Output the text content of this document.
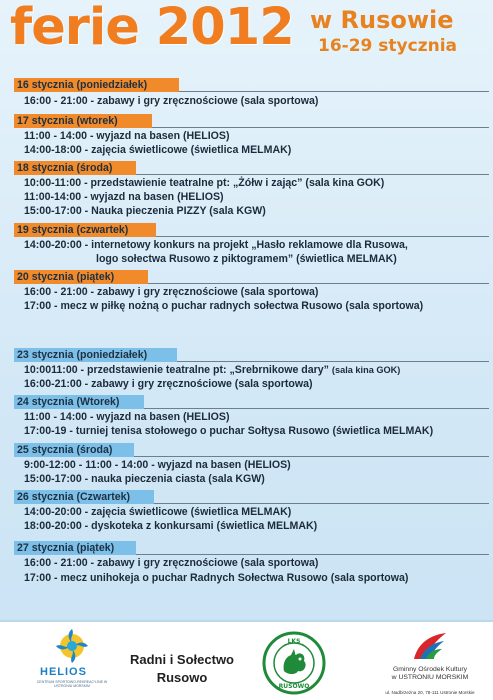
ferie 2012 w Rusowie
16-29 stycznia
16 stycznia (poniedziałek)
16:00 - 21:00 - zabawy i gry zręcznościowe (sala sportowa)
17 stycznia (wtorek)
11:00 - 14:00 - wyjazd na basen (HELIOS)
14:00-18:00 - zajęcia świetlicowe (świetlica MELMAK)
18 stycznia (środa)
10:00-11:00 - przedstawienie teatralne pt: „Żółw i zając” (sala kina GOK)
11:00-14:00 - wyjazd na basen (HELIOS)
15:00-17:00 - Nauka pieczenia PIZZY (sala KGW)
19 stycznia (czwartek)
14:00-20:00 - internetowy konkurs na projekt „Hasło reklamowe dla Rusowa,
logo sołectwa Rusowo z piktogramem” (świetlica MELMAK)
20 stycznia (piątek)
16:00 - 21:00 - zabawy i gry zręcznościowe (sala sportowa)
17:00 - mecz w piłkę nożną o puchar radnych sołectwa Rusowo (sala sportowa)
23 stycznia (poniedziałek)
10:0011:00 - przedstawienie teatralne pt: „Srebrnikowe dary” (sala kina GOK)
16:00-21:00 - zabawy i gry zręcznościowe (sala sportowa)
24 stycznia (Wtorek)
11:00 - 14:00 - wyjazd na basen (HELIOS)
17:00-19 - turniej tenisa stołowego o puchar Sołtysa Rusowo (świetlica MELMAK)
25 stycznia (środa)
9:00-12:00 - 11:00 - 14:00 - wyjazd na basen (HELIOS)
15:00-17:00 - nauka pieczenia ciasta (sala KGW)
26 stycznia (Czwartek)
14:00-20:00 - zajęcia świetlicowe (świetlica MELMAK)
18:00-20:00 - dyskoteka z konkursami (świetlica MELMAK)
27 stycznia (piątek)
16:00 - 21:00 - zabawy i gry zręcznościowe (sala sportowa)
17:00 - mecz unihokeja o puchar Radnych Sołectwa Rusowo (sala sportowa)
HELIOS
CENTRUM SPORTOWO-REKREACYJNE W USTRONIU MORSKIM
Radni i Sołectwo
Rusowo
LKS
RUSOWO
Gminny Ośrodek Kultury
w USTRONIU MORSKIM
ul. Nadbrzeżna 20, 78-111 Ustronie Morskie
